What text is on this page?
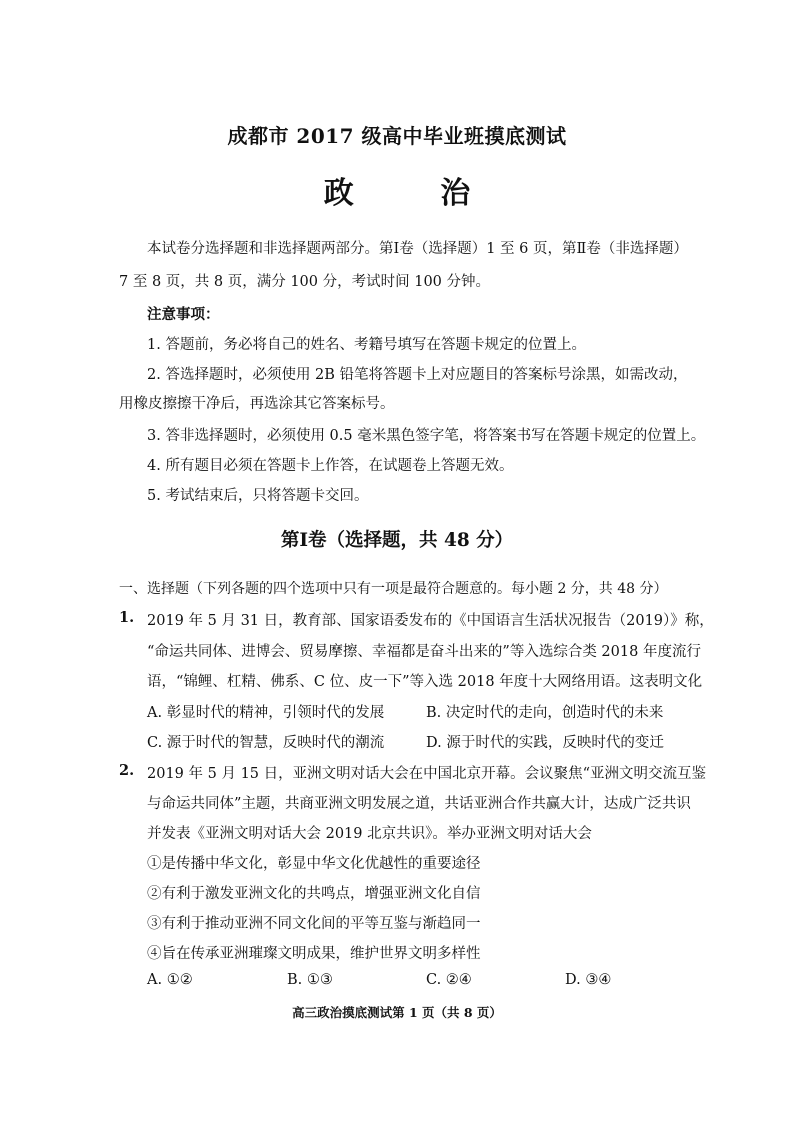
成都市 2017 级高中毕业班摸底测试
政 治
本试卷分选择题和非选择题两部分。第Ⅰ卷（选择题）1 至 6 页，第Ⅱ卷（非选择题）
7 至 8 页，共 8 页，满分 100 分，考试时间 100 分钟。
注意事项：
1. 答题前，务必将自己的姓名、考籍号填写在答题卡规定的位置上。
2. 答选择题时，必须使用 2B 铅笔将答题卡上对应题目的答案标号涂黑，如需改动，
用橡皮擦擦干净后，再选涂其它答案标号。
3. 答非选择题时，必须使用 0.5 毫米黑色签字笔，将答案书写在答题卡规定的位置上。
4. 所有题目必须在答题卡上作答，在试题卷上答题无效。
5. 考试结束后，只将答题卡交回。
第Ⅰ卷（选择题，共 48 分）
一、选择题（下列各题的四个选项中只有一项是最符合题意的。每小题 2 分，共 48 分）
1. 2019 年 5 月 31 日，教育部、国家语委发布的《中国语言生活状况报告（2019）》称，
“命运共同体、进博会、贸易摩擦、幸福都是奋斗出来的”等入选综合类 2018 年度流行
语，“锦鲤、杠精、佛系、C 位、皮一下”等入选 2018 年度十大网络用语。这表明文化
A. 彰显时代的精神，引领时代的发展	B. 决定时代的走向，创造时代的未来
C. 源于时代的智慧，反映时代的潮流	D. 源于时代的实践，反映时代的变迁
2. 2019 年 5 月 15 日，亚洲文明对话大会在中国北京开幕。会议聚焦“亚洲文明交流互鉴
与命运共同体”主题，共商亚洲文明发展之道，共话亚洲合作共赢大计，达成广泛共识
并发表《亚洲文明对话大会 2019 北京共识》。举办亚洲文明对话大会
①是传播中华文化，彰显中华文化优越性的重要途径
②有利于激发亚洲文化的共鸣点，增强亚洲文化自信
③有利于推动亚洲不同文化间的平等互鉴与渐趋同一
④旨在传承亚洲璀璨文明成果，维护世界文明多样性
A. ①②	B. ①③	C. ②④	D. ③④
高三政治摸底测试第 1 页（共 8 页）
